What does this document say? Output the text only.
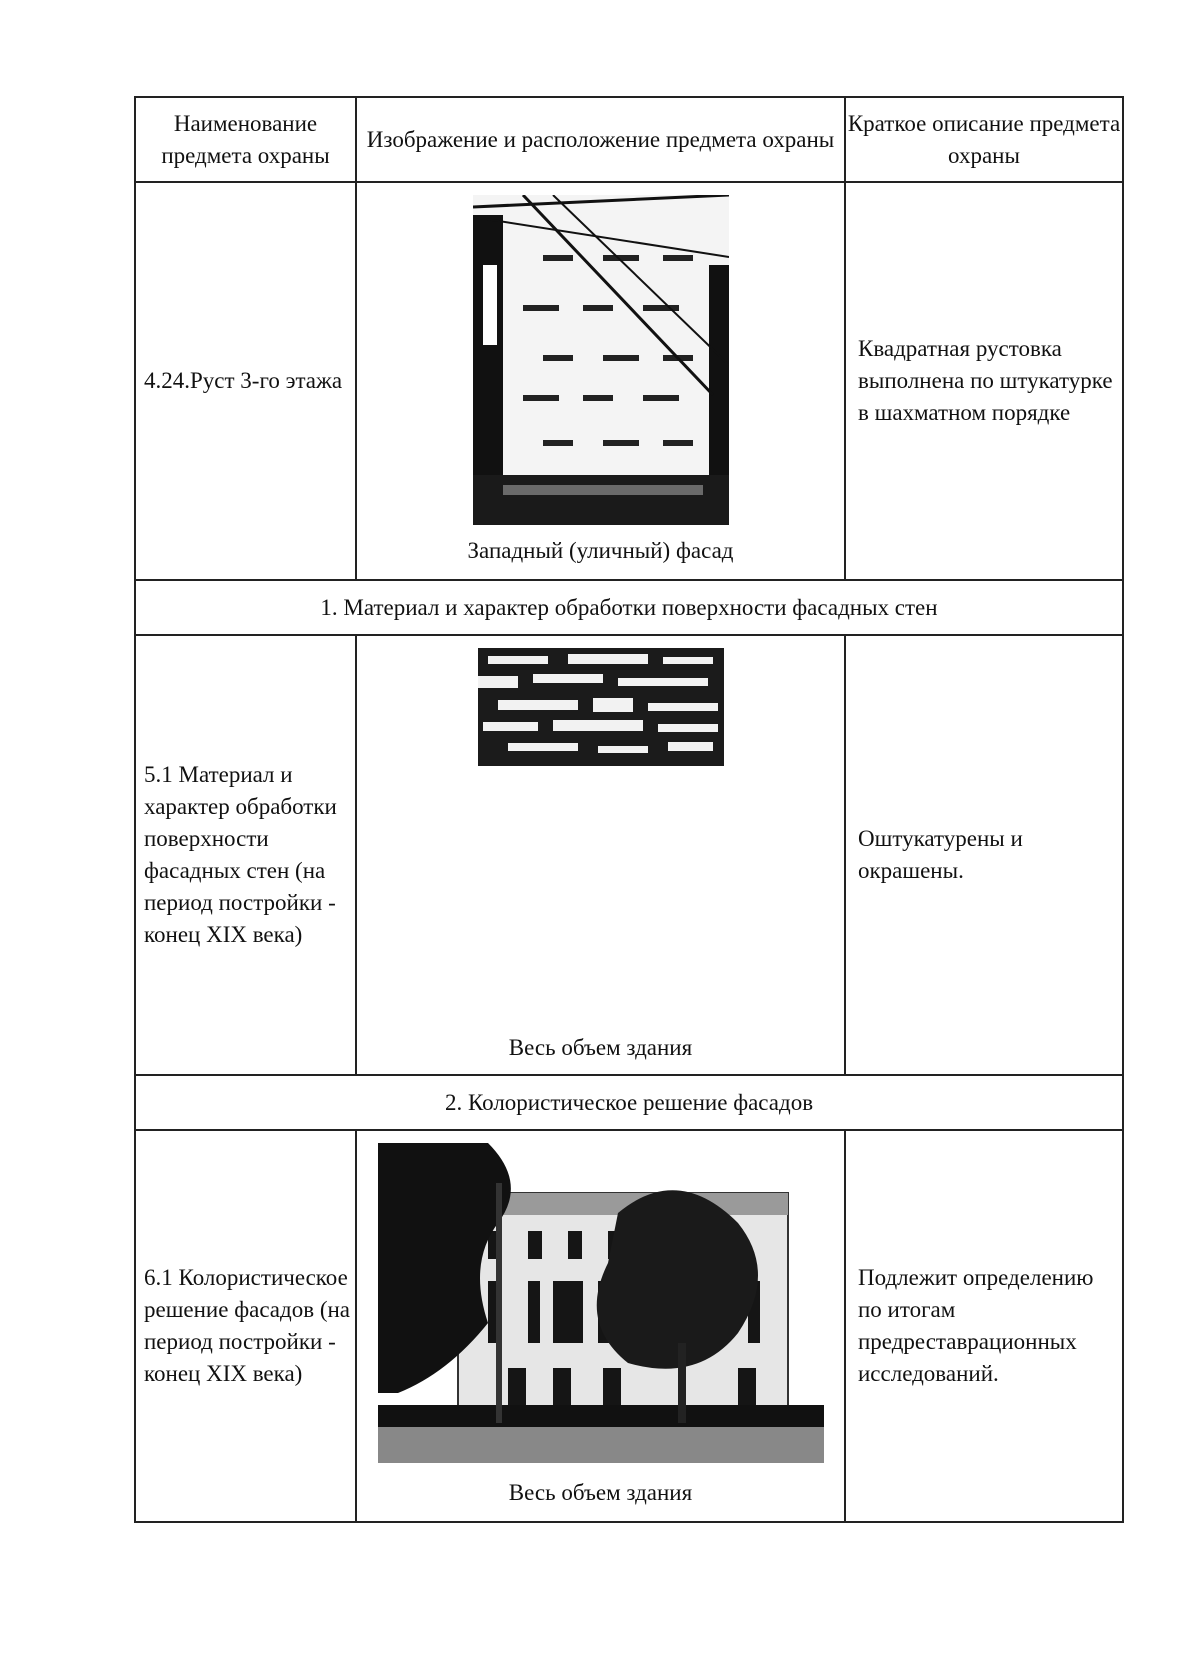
Наименование предмета охраны	Изображение и расположение предмета охраны	Краткое описание предмета охраны
4.24.Руст 3-го этажа	Западный (уличный) фасад	Квадратная рустовка выполнена по штукатурке в шахматном порядке
1. Материал и характер обработки поверхности фасадных стен		
5.1 Материал и характер обработки поверхности фасадных стен (на период постройки - конец XIX века)	Весь объем здания	Оштукатурены и окрашены.
2. Колористическое решение фасадов		
6.1 Колористическое решение фасадов (на период постройки - конец XIX века)	Весь объем здания	Подлежит определению по итогам предреставрационных исследований.
